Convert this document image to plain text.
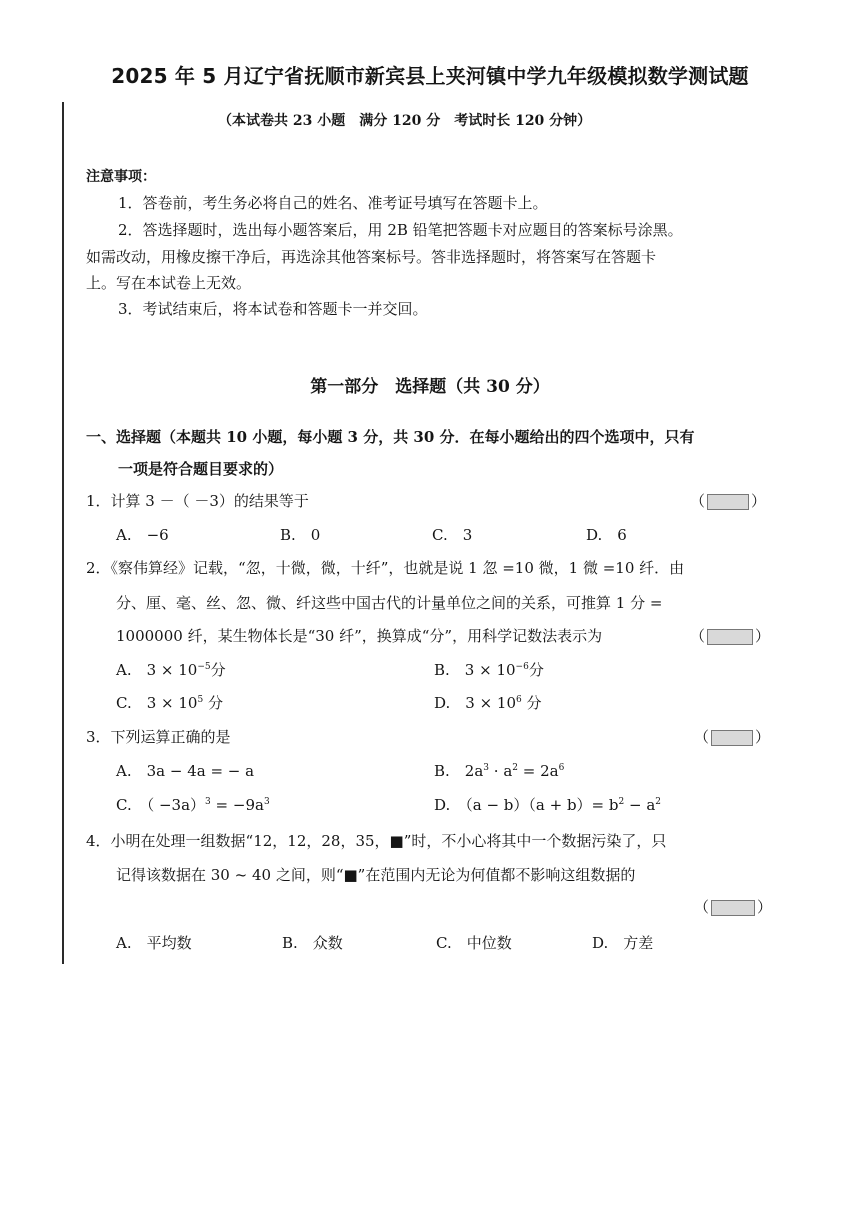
2025 年 5 月辽宁省抚顺市新宾县上夹河镇中学九年级模拟数学测试题
（本试卷共 23 小题　满分 120 分　考试时长 120 分钟）
注意事项：
1．答卷前，考生务必将自己的姓名、准考证号填写在答题卡上。
2．答选择题时，选出每小题答案后，用 2B 铅笔把答题卡对应题目的答案标号涂黑。
如需改动，用橡皮擦干净后，再选涂其他答案标号。答非选择题时，将答案写在答题卡
上。写在本试卷上无效。
3．考试结束后，将本试卷和答题卡一并交回。
第一部分　选择题（共 30 分）
一、选择题（本题共 10 小题，每小题 3 分，共 30 分．在每小题给出的四个选项中，只有
一项是符合题目要求的）
1．计算 3 －（ －3）的结果等于	（	）
A.　−6	B.　0	C.　3	D.　6
2．《察伟算经》记载，“忽，十微，微，十纤”，也就是说 1 忽 =10 微，1 微 =10 纤．由
分、厘、毫、丝、忽、微、纤这些中国古代的计量单位之间的关系，可推算 1 分 =
1000000 纤，某生物体长是“30 纤”，换算成“分”，用科学记数法表示为	（	）
A.　$3 \times 10^{-5}$分	B.　$3 \times 10^{-6}$分
C.　$3 \times 10^5$ 分	D.　$3 \times 10^6$ 分
3．下列运算正确的是	（	）
A.　3a − 4a = − a	B.　$2a^3 \cdot a^2 = 2a^6$
C.　（ $-3a)^3 = -9a^3$	D.　$(a - b)(a + b)= b^2 - a^2$
4．小明在处理一组数据“12，12，28，35，■”时，不小心将其中一个数据污染了，只
记得该数据在 30 ~ 40 之间，则“■”在范围内无论为何值都不影响这组数据的
（	）
A.　平均数	B.　众数	C.　中位数	D.　方差
